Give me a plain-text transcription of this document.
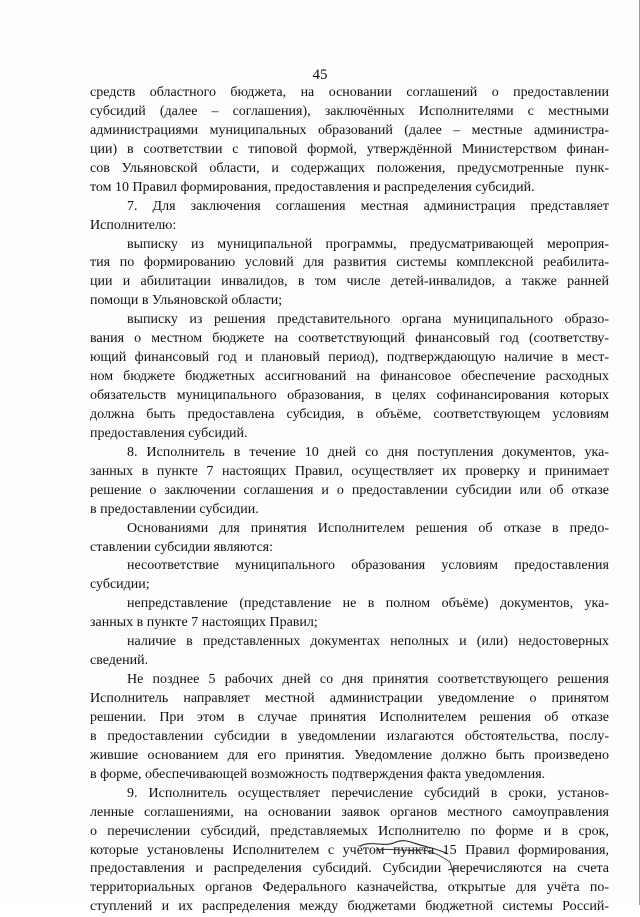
45
средств областного бюджета, на основании соглашений о предоставлении
субсидий (далее – соглашения), заключённых Исполнителями с местными
администрациями муниципальных образований (далее – местные администра-
ции) в соответствии с типовой формой, утверждённой Министерством финан-
сов Ульяновской области, и содержащих положения, предусмотренные пунк-
том 10 Правил формирования, предоставления и распределения субсидий.
7. Для заключения соглашения местная администрация представляет
Исполнителю:
выписку из муниципальной программы, предусматривающей мероприя-
тия по формированию условий для развития системы комплексной реабилита-
ции и абилитации инвалидов, в том числе детей-инвалидов, а также ранней
помощи в Ульяновской области;
выписку из решения представительного органа муниципального образо-
вания о местном бюджете на соответствующий финансовый год (соответству-
ющий финансовый год и плановый период), подтверждающую наличие в мест-
ном бюджете бюджетных ассигнований на финансовое обеспечение расходных
обязательств муниципального образования, в целях софинансирования которых
должна быть предоставлена субсидия, в объёме, соответствующем условиям
предоставления субсидий.
8. Исполнитель в течение 10 дней со дня поступления документов, ука-
занных в пункте 7 настоящих Правил, осуществляет их проверку и принимает
решение о заключении соглашения и о предоставлении субсидии или об отказе
в предоставлении субсидии.
Основаниями для принятия Исполнителем решения об отказе в предо-
ставлении субсидии являются:
несоответствие муниципального образования условиям предоставления
субсидии;
непредставление (представление не в полном объёме) документов, ука-
занных в пункте 7 настоящих Правил;
наличие в представленных документах неполных и (или) недостоверных
сведений.
Не позднее 5 рабочих дней со дня принятия соответствующего решения
Исполнитель направляет местной администрации уведомление о принятом
решении. При этом в случае принятия Исполнителем решения об отказе
в предоставлении субсидии в уведомлении излагаются обстоятельства, послу-
жившие основанием для его принятия. Уведомление должно быть произведено
в форме, обеспечивающей возможность подтверждения факта уведомления.
9. Исполнитель осуществляет перечисление субсидий в сроки, установ-
ленные соглашениями, на основании заявок органов местного самоуправления
о перечислении субсидий, представляемых Исполнителю по форме и в срок,
которые установлены Исполнителем с учётом пункта 15 Правил формирования,
предоставления и распределения субсидий. Субсидии перечисляются на счета
территориальных органов Федерального казначейства, открытые для учёта по-
ступлений и их распределения между бюджетами бюджетной системы Россий-
